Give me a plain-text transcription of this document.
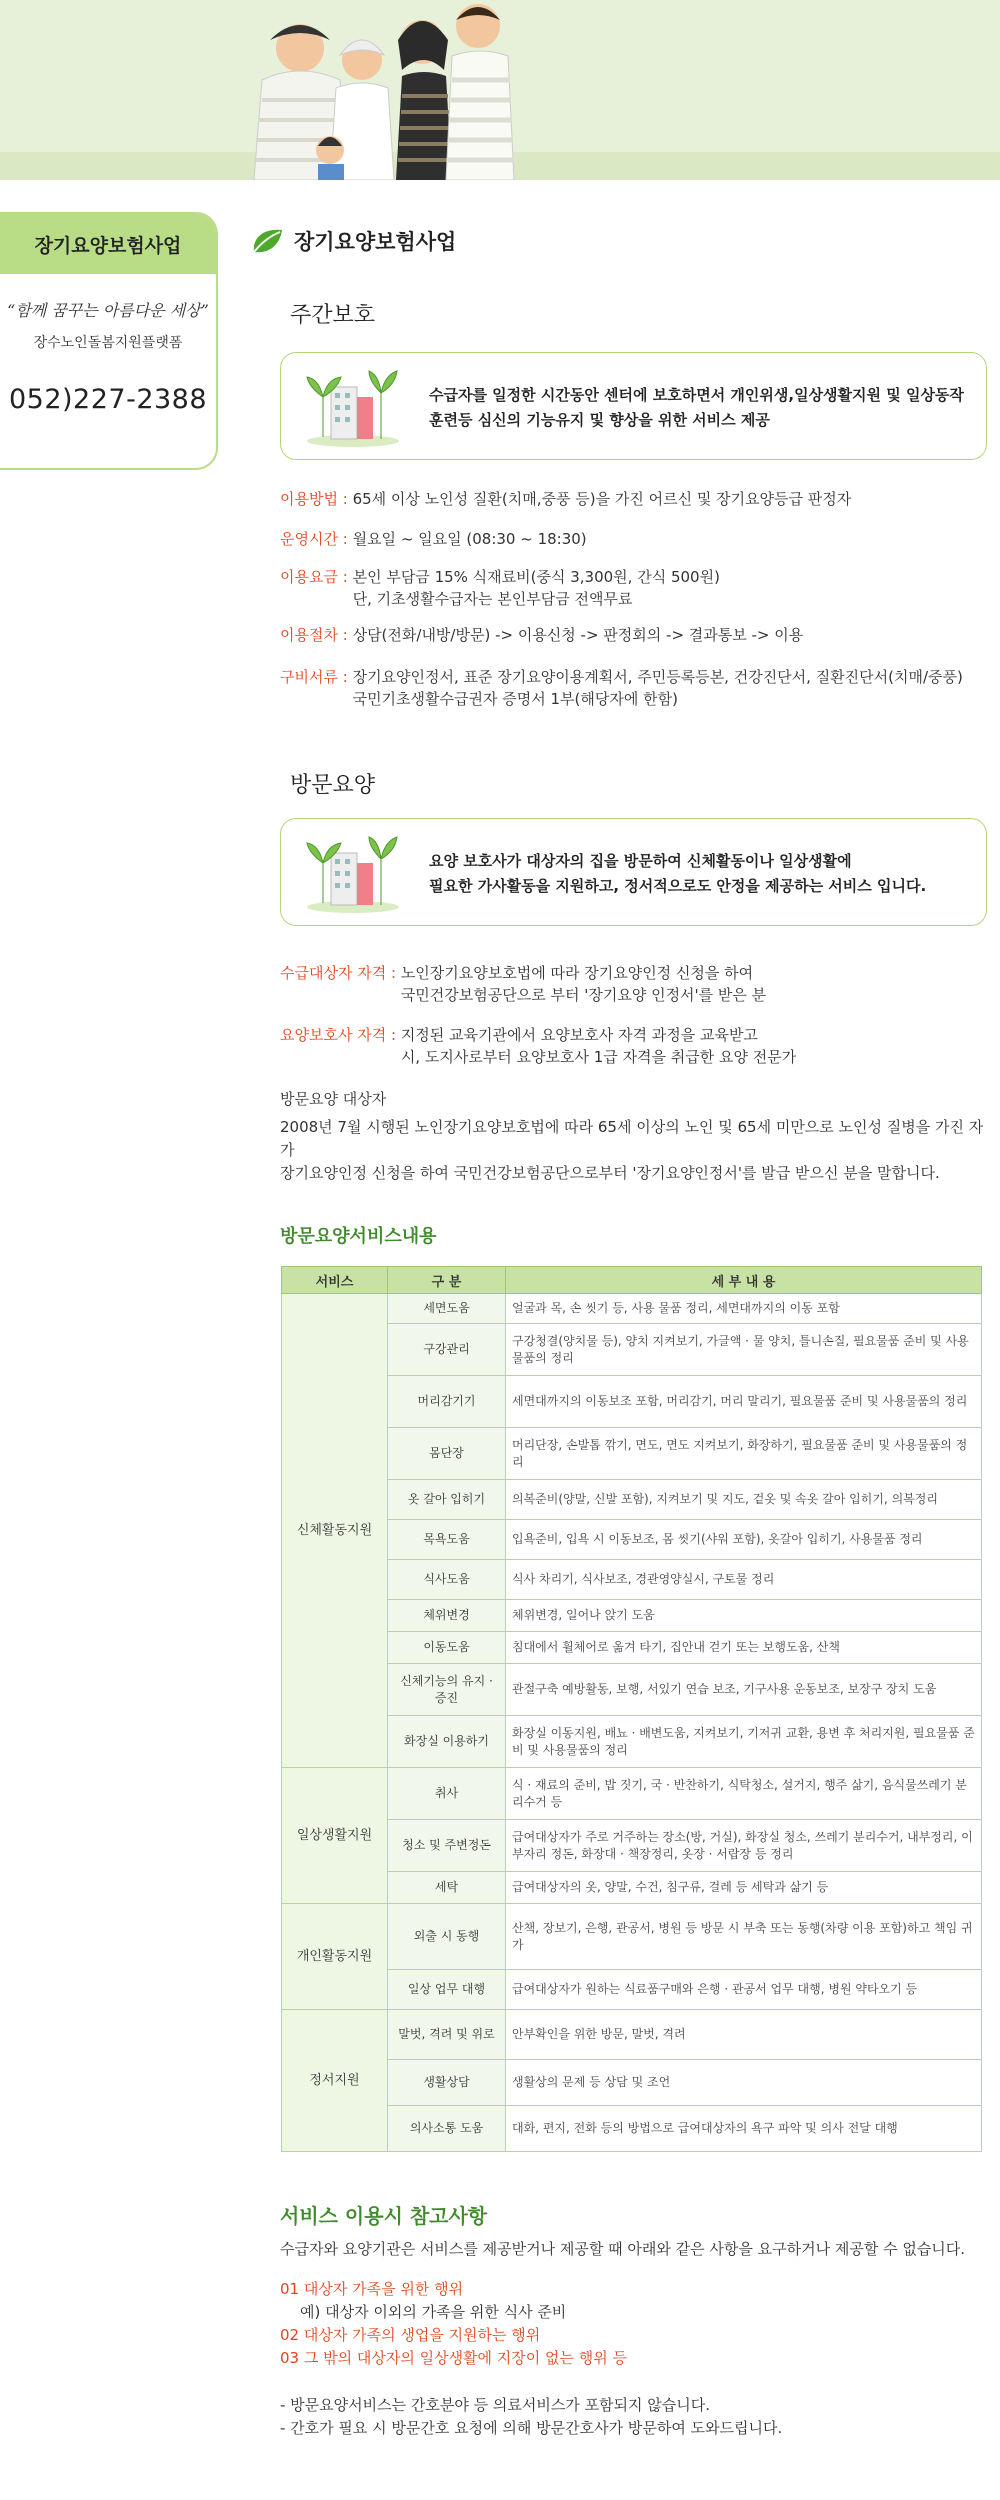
장기요양보험사업
“함께 꿈꾸는 아름다운 세상”
장수노인돌봄지원플랫폼
052)227-2388
장기요양보험사업
주간보호
수급자를 일정한 시간동안 센터에 보호하면서 개인위생,일상생활지원 및 일상동작
훈련등 심신의 기능유지 및 향상을 위한 서비스 제공
이용방법 :
65세 이상 노인성 질환(치매,중풍 등)을 가진 어르신 및 장기요양등급 판정자
운영시간 :
월요일 ~ 일요일 (08:30 ~ 18:30)
이용요금 :
본인 부담금 15% 식재료비(중식 3,300원, 간식 500원)
단, 기초생활수급자는 본인부담금 전액무료
이용절차 :
상담(전화/내방/방문) -> 이용신청 -> 판정회의 -> 결과통보 -> 이용
구비서류 :
장기요양인정서, 표준 장기요양이용계획서, 주민등록등본, 건강진단서, 질환진단서(치매/중풍)
국민기초생활수급권자 증명서 1부(해당자에 한함)
방문요양
요양 보호사가 대상자의 집을 방문하여 신체활동이나 일상생활에
필요한 가사활동을 지원하고, 정서적으로도 안정을 제공하는 서비스 입니다.
수급대상자 자격 :
노인장기요양보호법에 따라 장기요양인정 신청을 하여
국민건강보험공단으로 부터 '장기요양 인정서'를 받은 분
요양보호사 자격 :
지정된 교육기관에서 요양보호사 자격 과정을 교육받고
시, 도지사로부터 요양보호사 1급 자격을 취급한 요양 전문가
방문요양 대상자
2008년 7월 시행된 노인장기요양보호법에 따라 65세 이상의 노인 및 65세 미만으로 노인성 질병을 가진 자가
장기요양인정 신청을 하여 국민건강보험공단으로부터 '장기요양인정서'를 발급 받으신 분을 말합니다.
방문요양서비스내용
서비스	구 분	세 부 내 용
신체활동지원	세면도움	얼굴과 목, 손 씻기 등, 사용 물품 정리, 세면대까지의 이동 포함
	구강관리	구강청결(양치물 등), 양치 지켜보기, 가글액 · 물 양치, 틀니손질, 필요물품 준비 및 사용물품의 정리
	머리감기기	세면대까지의 이동보조 포함, 머리감기, 머리 말리기, 필요물품 준비 및 사용물품의 정리
	몸단장	머리단장, 손발톱 깎기, 면도, 면도 지켜보기, 화장하기, 필요물품 준비 및 사용물품의 정리
	옷 갈아 입히기	의복준비(양말, 신발 포함), 지켜보기 및 지도, 겉옷 및 속옷 갈아 입히기, 의복정리
	목욕도움	입욕준비, 입욕 시 이동보조, 몸 씻기(샤워 포함), 옷갈아 입히기, 사용물품 정리
	식사도움	식사 차리기, 식사보조, 경관영양실시, 구토물 정리
	체위변경	체위변경, 일어나 앉기 도움
	이동도움	침대에서 휠체어로 옮겨 타기, 집안내 걷기 또는 보행도움, 산책
	신체기능의 유지 · 증진	관절구축 예방활동, 보행, 서있기 연습 보조, 기구사용 운동보조, 보장구 장치 도움
	화장실 이용하기	화장실 이동지원, 배뇨 · 배변도움, 지켜보기, 기저귀 교환, 용변 후 처리지원, 필요물품 준비 및 사용물품의 정리
일상생활지원	취사	식 · 재료의 준비, 밥 짓기, 국 · 반찬하기, 식탁청소, 설거지, 행주 삶기, 음식물쓰레기 분리수거 등
	청소 및 주변정돈	급여대상자가 주로 거주하는 장소(방, 거실), 화장실 청소, 쓰레기 분리수거, 내부정리, 이부자리 정돈, 화장대 · 책장정리, 옷장 · 서랍장 등 정리
	세탁	급여대상자의 옷, 양말, 수건, 침구류, 걸레 등 세탁과 삶기 등
개인활동지원	외출 시 동행	산책, 장보기, 은행, 관공서, 병원 등 방문 시 부축 또는 동행(차량 이용 포함)하고 책임 귀가
	일상 업무 대행	급여대상자가 원하는 식료품구매와 은행 · 관공서 업무 대행, 병원 약타오기 등
정서지원	말벗, 격려 및 위로	안부확인을 위한 방문, 말벗, 격려
	생활상담	생활상의 문제 등 상담 및 조언
	의사소통 도움	대화, 편지, 전화 등의 방법으로 급여대상자의 욕구 파악 및 의사 전달 대행
서비스 이용시 참고사항
수급자와 요양기관은 서비스를 제공받거나 제공할 때 아래와 같은 사항을 요구하거나 제공할 수 없습니다.
01 대상자 가족을 위한 행위
예) 대상자 이외의 가족을 위한 식사 준비
02 대상자 가족의 생업을 지원하는 행위
03 그 밖의 대상자의 일상생활에 지장이 없는 행위 등
- 방문요양서비스는 간호분야 등 의료서비스가 포함되지 않습니다.
- 간호가 필요 시 방문간호 요청에 의해 방문간호사가 방문하여 도와드립니다.
